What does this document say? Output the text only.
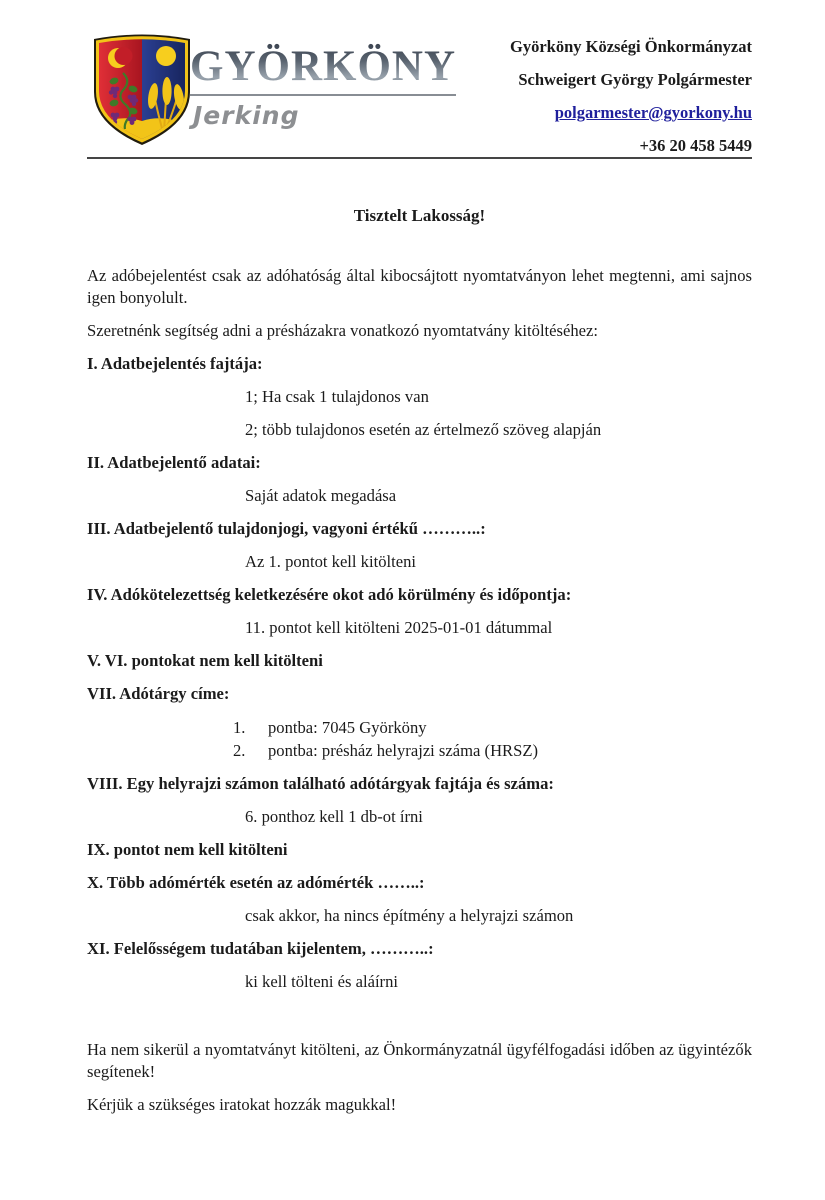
GYÖRKÖNY
Jerking
Györköny Községi Önkormányzat
Schweigert György Polgármester
polgarmester@gyorkony.hu
+36 20 458 5449
Tisztelt Lakosság!

Az adóbejelentést csak az adóhatóság által kibocsájtott nyomtatványon lehet megtenni, ami sajnos igen bonyolult.

Szeretnénk segítség adni a présházakra vonatkozó nyomtatvány kitöltéséhez:

I. Adatbejelentés fajtája:
1; Ha csak 1 tulajdonos van
2; több tulajdonos esetén az értelmező szöveg alapján
II. Adatbejelentő adatai:
Saját adatok megadása
III. Adatbejelentő tulajdonjogi, vagyoni értékű ………..:
Az 1. pontot kell kitölteni
IV. Adókötelezettség keletkezésére okot adó körülmény és időpontja:
11. pontot kell kitölteni 2025-01-01 dátummal
V. VI. pontokat nem kell kitölteni
VII. Adótárgy címe:
1.	pontba: 7045 Györköny
2.	pontba: présház helyrajzi száma (HRSZ)
VIII. Egy helyrajzi számon található adótárgyak fajtája és száma:
6. ponthoz kell 1 db-ot írni
IX. pontot nem kell kitölteni
X. Több adómérték esetén az adómérték ……..:
csak akkor, ha nincs építmény a helyrajzi számon
XI. Felelősségem tudatában kijelentem, ………..:
ki kell tölteni és aláírni

Ha nem sikerül a nyomtatványt kitölteni, az Önkormányzatnál ügyfélfogadási időben az ügyintézők segítenek!

Kérjük a szükséges iratokat hozzák magukkal!
